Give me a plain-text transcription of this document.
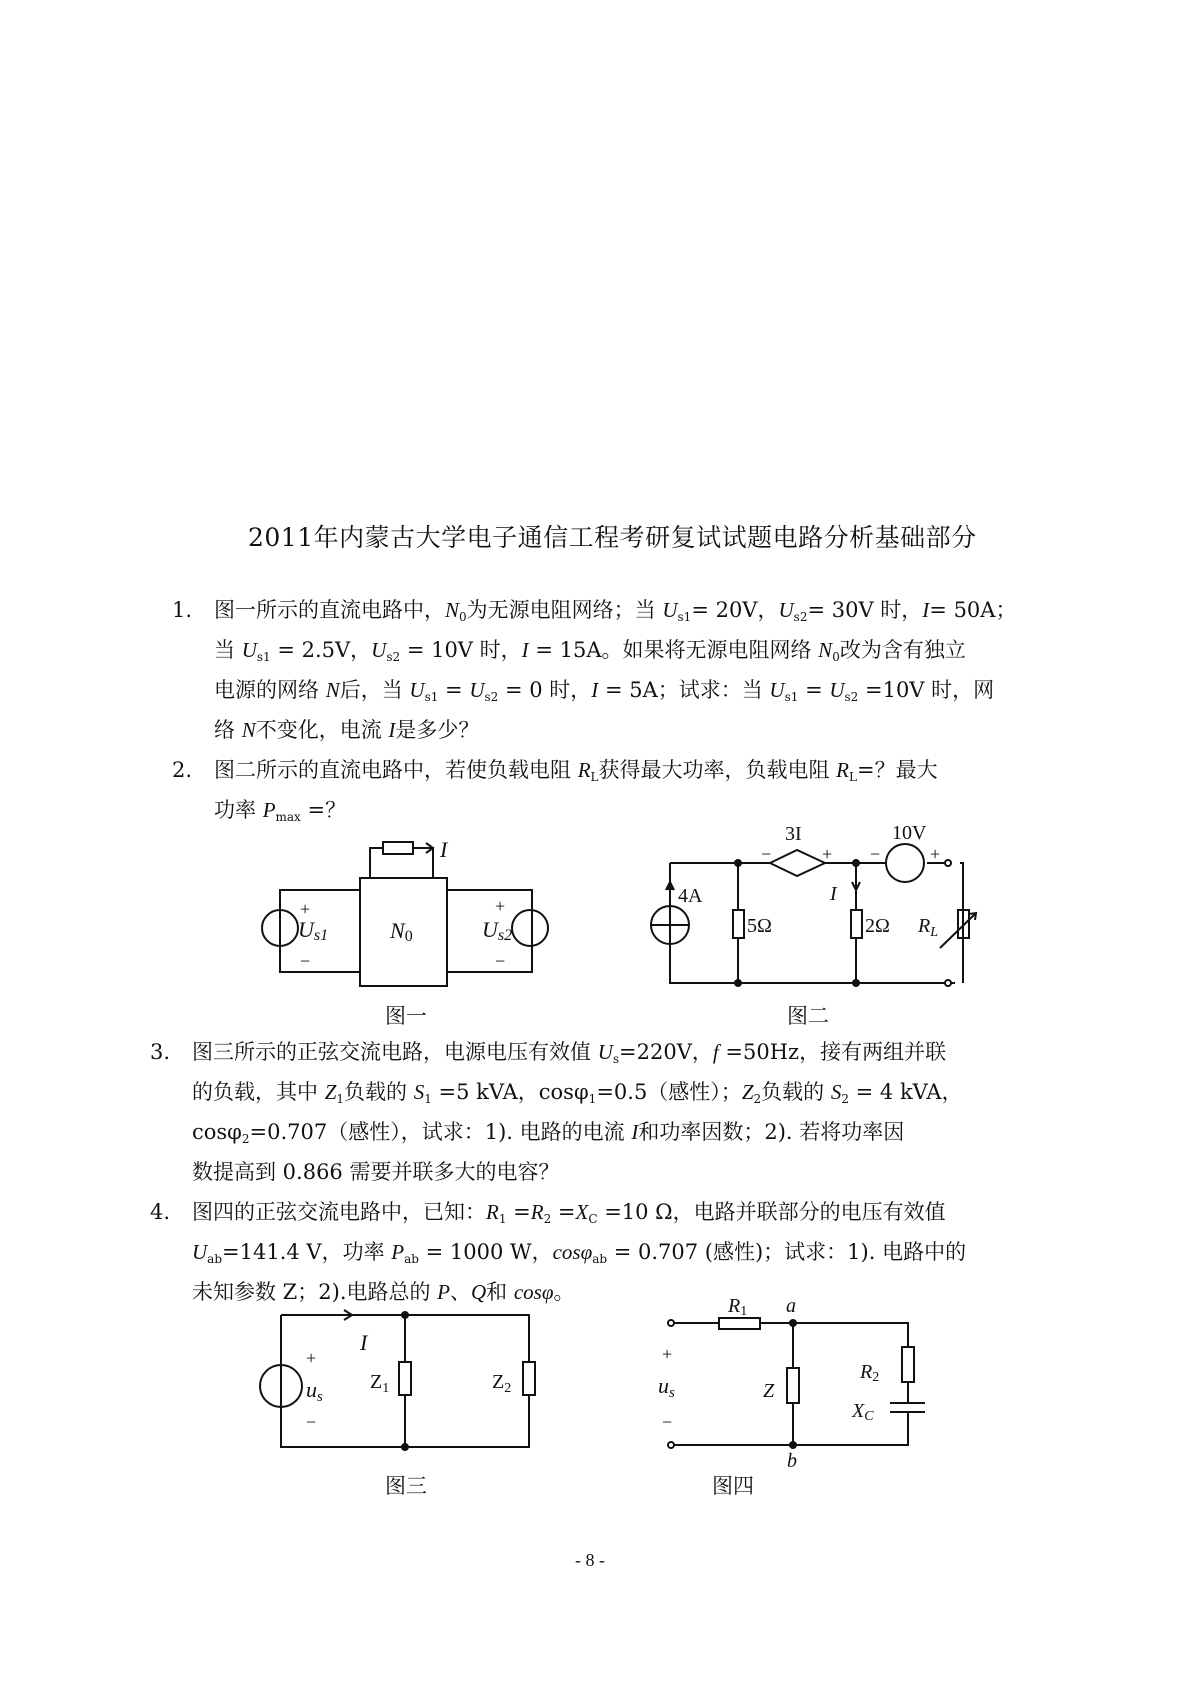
2011年内蒙古大学电子通信工程考研复试试题电路分析基础部分
1. 图一所示的直流电路中，$N_0$为无源电阻网络；当 $U_{s1}= 20V$，$U_{s2}= 30V$ 时，I= 50A；
当 $U_{s1} = 2.5V$，$U_{s2} = 10V$ 时，I = 15A。如果将无源电阻网络 $N_0$改为含有独立
电源的网络 N后，当 $U_{s1} = U_{s2} = 0$ 时，I = 5A；试求：当 $U_{s1} = U_{s2} =10V$ 时，网
络 N不变化，电流 I是多少？
2. 图二所示的直流电路中，若使负载电阻 $R_L$获得最大功率，负载电阻 $R_L=$？最大
功率 $P_{max}$ =？
3. 图三所示的正弦交流电路，电源电压有效值 $U_s=220V$，f =50Hz，接有两组并联
的负载，其中 $Z_1$负载的 $S_1 =5$ kVA，cosφ$_1$=0.5（感性）；$Z_2$负载的 $S_2 = 4$ kVA，
cosφ$_2$=0.707（感性），试求：1). 电路的电流 I和功率因数；2). 若将功率因
数提高到 0.866 需要并联多大的电容？
4. 图四的正弦交流电路中，已知：$R_1 =R_2 =X_C =10$ Ω，电路并联部分的电压有效值
$U_{ab}=141.4$ V，功率 $P_{ab} = 1000$ W，cosφ$_{ab}$ = 0.707 (感性)；试求：1). 电路中的
未知参数 Z；2).电路总的 P、Q和 cosφ。
I
+
Us1
−
N0
+
Us2
−
图一
3I
−	+
10V
−	+
4A
5Ω	2Ω
I
$R_L$
图二
I
+
us
−
$Z_1$	$Z_2$
图三
R1 a
b
+
us
−
Z
R2
XC
图四
- 8 -
